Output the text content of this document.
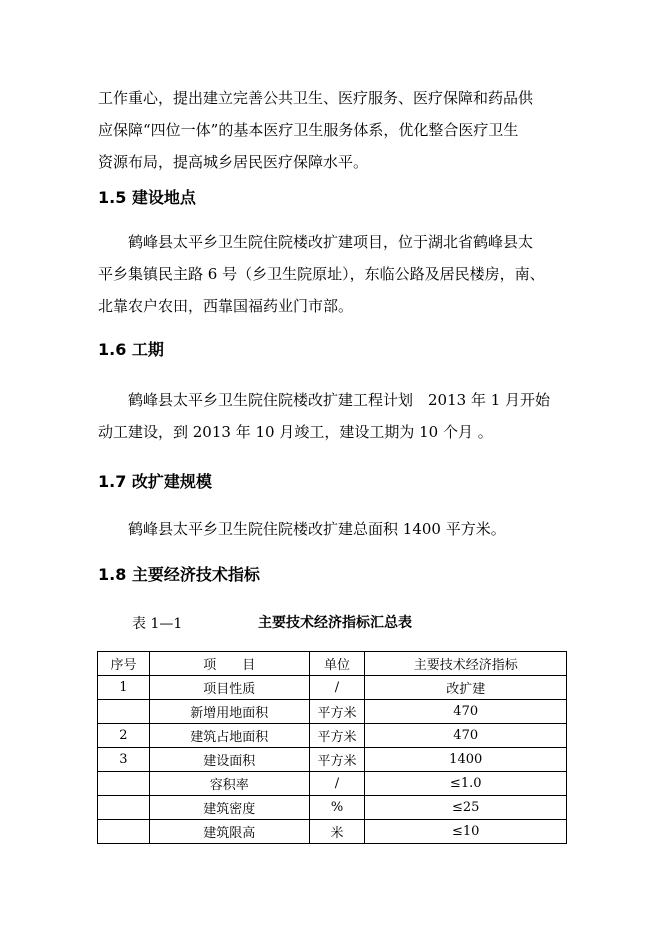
工作重心，提出建立完善公共卫生、医疗服务、医疗保障和药品供
应保障“四位一体”的基本医疗卫生服务体系，优化整合医疗卫生
资源布局，提高城乡居民医疗保障水平。
1.5 建设地点
　　鹤峰县太平乡卫生院住院楼改扩建项目，位于湖北省鹤峰县太
平乡集镇民主路 6 号（乡卫生院原址），东临公路及居民楼房，南、
北靠农户农田，西靠国福药业门市部。
1.6 工期
　　鹤峰县太平乡卫生院住院楼改扩建工程计划　2013 年 1 月开始
动工建设，到 2013 年 10 月竣工，建设工期为 10 个月 。
1.7 改扩建规模
　　鹤峰县太平乡卫生院住院楼改扩建总面积 1400 平方米。
1.8 主要经济技术指标
表 1—1	主要技术经济指标汇总表
序号	项　　目	单位	主要技术经济指标
1	项目性质	/	改扩建
	新增用地面积	平方米	470
2	建筑占地面积	平方米	470
3	建设面积	平方米	1400
	容积率	/	≤1.0
	建筑密度	%	≤25
	建筑限高	米	≤10
